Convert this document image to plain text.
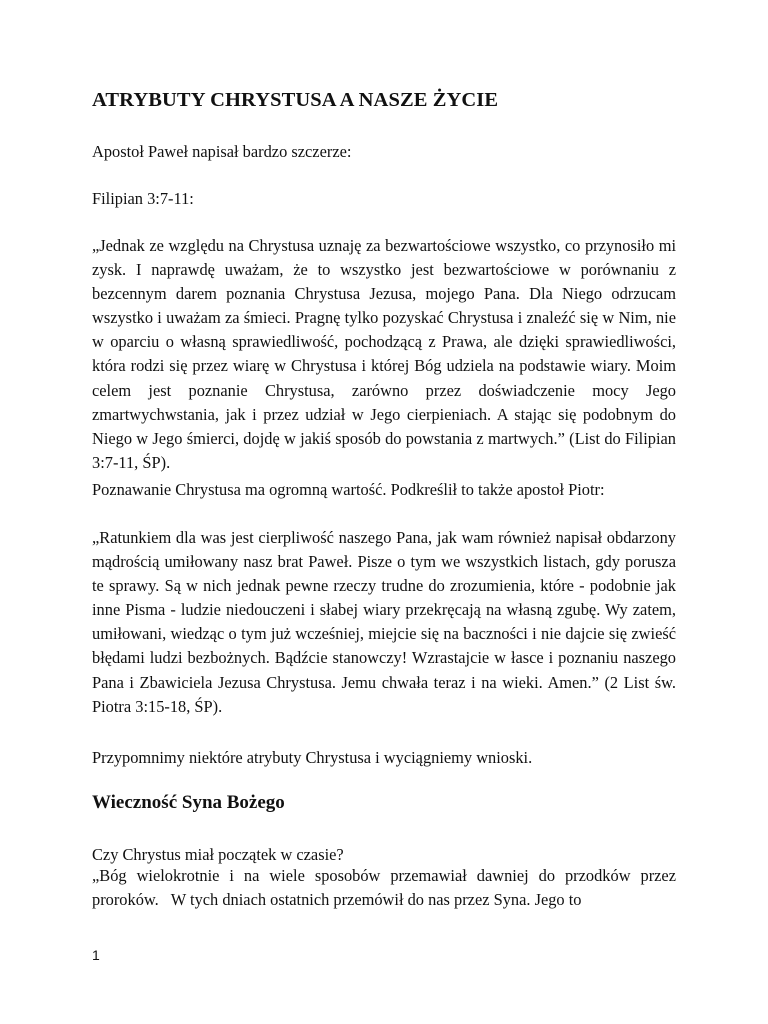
ATRYBUTY CHRYSTUSA A NASZE ŻYCIE

Apostoł Paweł napisał bardzo szczerze:

Filipian 3:7-11:

„Jednak ze względu na Chrystusa uznaję za bezwartościowe wszystko, co przynosiło mi zysk. I naprawdę uważam, że to wszystko jest bezwartościowe w porównaniu z bezcennym darem poznania Chrystusa Jezusa, mojego Pana. Dla Niego odrzucam wszystko i uważam za śmieci. Pragnę tylko pozyskać Chrystusa i znaleźć się w Nim, nie w oparciu o własną sprawiedliwość, pochodzącą z Prawa, ale dzięki sprawiedliwości, która rodzi się przez wiarę w Chrystusa i której Bóg udziela na podstawie wiary. Moim celem jest poznanie Chrystusa, zarówno przez doświadczenie mocy Jego zmartwychwstania, jak i przez udział w Jego cierpieniach. A stając się podobnym do Niego w Jego śmierci, dojdę w jakiś sposób do powstania z martwych.” (List do Filipian 3:7-11, ŚP).

Poznawanie Chrystusa ma ogromną wartość. Podkreślił to także apostoł Piotr:

„Ratunkiem dla was jest cierpliwość naszego Pana, jak wam również napisał obdarzony mądrością umiłowany nasz brat Paweł. Pisze o tym we wszystkich listach, gdy porusza te sprawy. Są w nich jednak pewne rzeczy trudne do zrozumienia, które - podobnie jak inne Pisma - ludzie niedouczeni i słabej wiary przekręcają na własną zgubę. Wy zatem, umiłowani, wiedząc o tym już wcześniej, miejcie się na baczności i nie dajcie się zwieść błędami ludzi bezbożnych. Bądźcie stanowczy! Wzrastajcie w łasce i poznaniu naszego Pana i Zbawiciela Jezusa Chrystusa. Jemu chwała teraz i na wieki. Amen.” (2 List św. Piotra 3:15-18, ŚP).

Przypomnimy niektóre atrybuty Chrystusa i wyciągniemy wnioski.

Wieczność Syna Bożego

Czy Chrystus miał początek w czasie?

„Bóg wielokrotnie i na wiele sposobów przemawiał dawniej do przodków przez proroków.   W tych dniach ostatnich przemówił do nas przez Syna. Jego to

1
